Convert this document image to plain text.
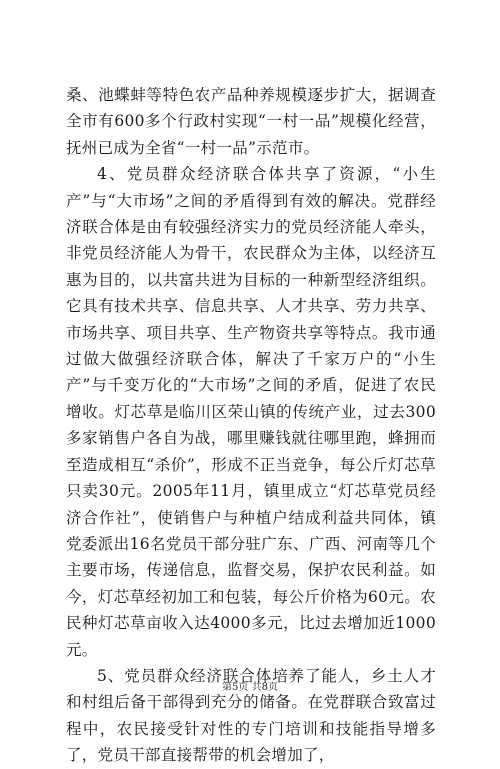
桑、池蝶蚌等特色农产品种养规模逐步扩大，据调查全市有600多个行政村实现“一村一品”规模化经营，抚州已成为全省“一村一品”示范市。

4、党员群众经济联合体共享了资源，“小生产”与“大市场”之间的矛盾得到有效的解决。党群经济联合体是由有较强经济实力的党员经济能人牵头，非党员经济能人为骨干，农民群众为主体，以经济互惠为目的，以共富共进为目标的一种新型经济组织。它具有技术共享、信息共享、人才共享、劳力共享、市场共享、项目共享、生产物资共享等特点。我市通过做大做强经济联合体，解决了千家万户的“小生产”与千变万化的“大市场”之间的矛盾，促进了农民增收。灯芯草是临川区荣山镇的传统产业，过去300多家销售户各自为战，哪里赚钱就往哪里跑，蜂拥而至造成相互“杀价”，形成不正当竞争，每公斤灯芯草只卖30元。2005年11月，镇里成立“灯芯草党员经济合作社”，使销售户与种植户结成利益共同体，镇党委派出16名党员干部分驻广东、广西、河南等几个主要市场，传递信息，监督交易，保护农民利益。如今，灯芯草经初加工和包装，每公斤价格为60元。农民种灯芯草亩收入达4000多元，比过去增加近1000元。

5、党员群众经济联合体培养了能人，乡土人才和村组后备干部得到充分的储备。在党群联合致富过程中，农民接受针对性的专门培训和技能指导增多了，党员干部直接帮带的机会增加了，

第5页 共8页
